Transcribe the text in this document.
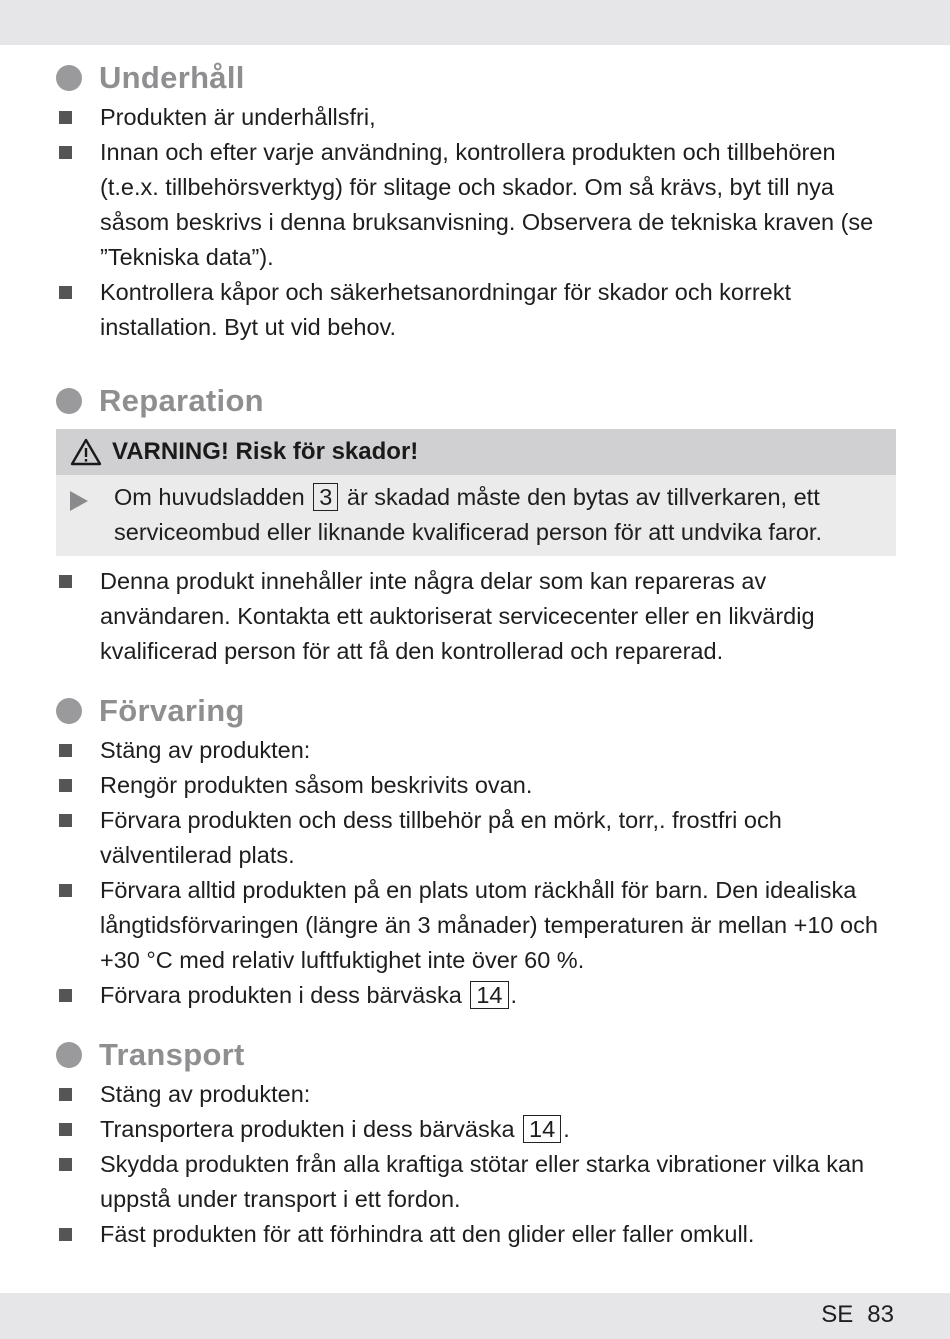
Underhåll
Produkten är underhållsfri,
Innan och efter varje användning, kontrollera produkten och tillbehören (t.e.x. tillbehörsverktyg) för slitage och skador. Om så krävs, byt till nya såsom beskrivs i denna bruksanvisning. Observera de tekniska kraven (se ”Tekniska data”).
Kontrollera kåpor och säkerhetsanordningar för skador och korrekt installation. Byt ut vid behov.
Reparation
VARNING! Risk för skador!
Om huvudsladden 3 är skadad måste den bytas av tillverkaren, ett serviceombud eller liknande kvalificerad person för att undvika faror.
Denna produkt innehåller inte några delar som kan repareras av användaren. Kontakta ett auktoriserat servicecenter eller en likvärdig kvalificerad person för att få den kontrollerad och reparerad.
Förvaring
Stäng av produkten:
Rengör produkten såsom beskrivits ovan.
Förvara produkten och dess tillbehör på en mörk, torr,. frostfri och välventilerad plats.
Förvara alltid produkten på en plats utom räckhåll för barn. Den idealiska långtidsförvaringen (längre än 3 månader) temperaturen är mellan +10 och +30 °C med relativ luftfuktighet inte över 60 %.
Förvara produkten i dess bärväska 14 .
Transport
Stäng av produkten:
Transportera produkten i dess bärväska 14 .
Skydda produkten från alla kraftiga stötar eller starka vibrationer vilka kan uppstå under transport i ett fordon.
Fäst produkten för att förhindra att den glider eller faller omkull.
SE 83
